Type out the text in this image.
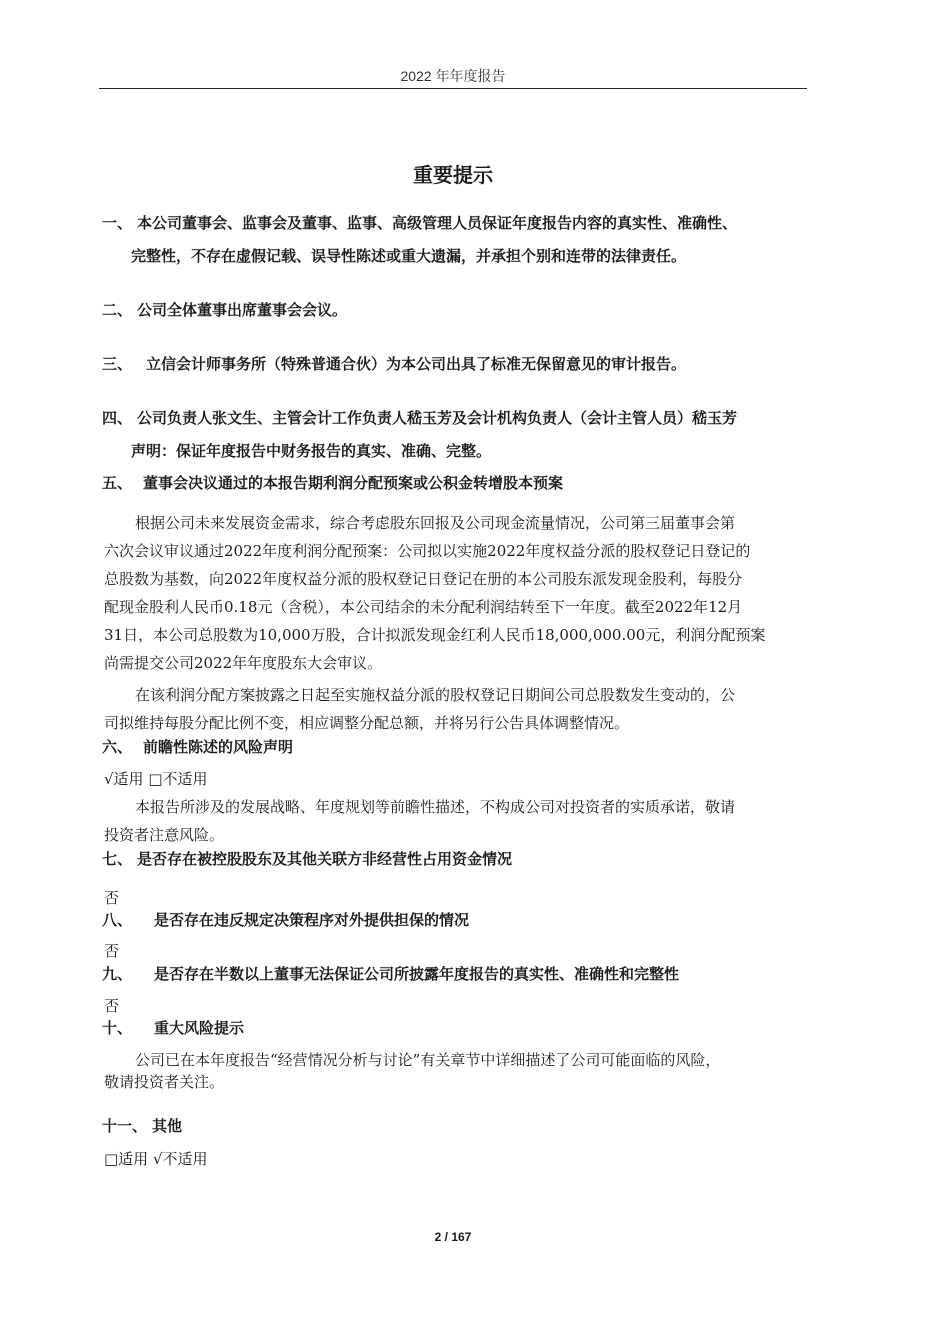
2022 年年度报告
重要提示
一、 本公司董事会、监事会及董事、监事、高级管理人员保证年度报告内容的真实性、准确性、
完整性，不存在虚假记载、误导性陈述或重大遗漏，并承担个别和连带的法律责任。
二、 公司全体董事出席董事会会议。
三、 立信会计师事务所（特殊普通合伙）为本公司出具了标准无保留意见的审计报告。
四、 公司负责人张文生、主管会计工作负责人嵇玉芳及会计机构负责人（会计主管人员）嵇玉芳
声明：保证年度报告中财务报告的真实、准确、完整。
五、 董事会决议通过的本报告期利润分配预案或公积金转增股本预案
根据公司未来发展资金需求，综合考虑股东回报及公司现金流量情况，公司第三届董事会第
六次会议审议通过2022年度利润分配预案：公司拟以实施2022年度权益分派的股权登记日登记的
总股数为基数，向2022年度权益分派的股权登记日登记在册的本公司股东派发现金股利，每股分
配现金股利人民币0.18元（含税），本公司结余的未分配利润结转至下一年度。截至2022年12月
31日，本公司总股数为10,000万股，合计拟派发现金红利人民币18,000,000.00元，利润分配预案
尚需提交公司2022年年度股东大会审议。
在该利润分配方案披露之日起至实施权益分派的股权登记日期间公司总股数发生变动的，公
司拟维持每股分配比例不变，相应调整分配总额，并将另行公告具体调整情况。
六、 前瞻性陈述的风险声明
√适用 □不适用
本报告所涉及的发展战略、年度规划等前瞻性描述，不构成公司对投资者的实质承诺，敬请
投资者注意风险。
七、 是否存在被控股股东及其他关联方非经营性占用资金情况
否
八、 是否存在违反规定决策程序对外提供担保的情况
否
九、 是否存在半数以上董事无法保证公司所披露年度报告的真实性、准确性和完整性
否
十、 重大风险提示
公司已在本年度报告“经营情况分析与讨论”有关章节中详细描述了公司可能面临的风险，
敬请投资者关注。
十一、 其他
□适用 √不适用
2 / 167
